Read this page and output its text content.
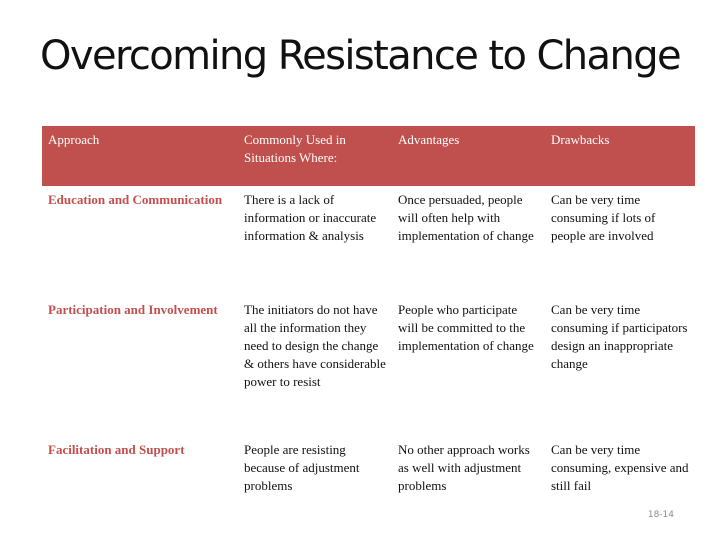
Overcoming Resistance to Change
Approach	Commonly Used in Situations Where:	Advantages	Drawbacks
Education and Communication	There is a lack of information or inaccurate information & analysis	Once persuaded, people will often help with implementation of change	Can be very time consuming if lots of people are involved
Participation and Involvement	The initiators do not have all the information they need to design the change & others have considerable power to resist	People who participate will be committed to the implementation of change	Can be very time consuming if participators design an inappropriate change
Facilitation and Support	People are resisting because of adjustment problems	No other approach works as well with adjustment problems	Can be very time consuming, expensive and still fail
18-14
